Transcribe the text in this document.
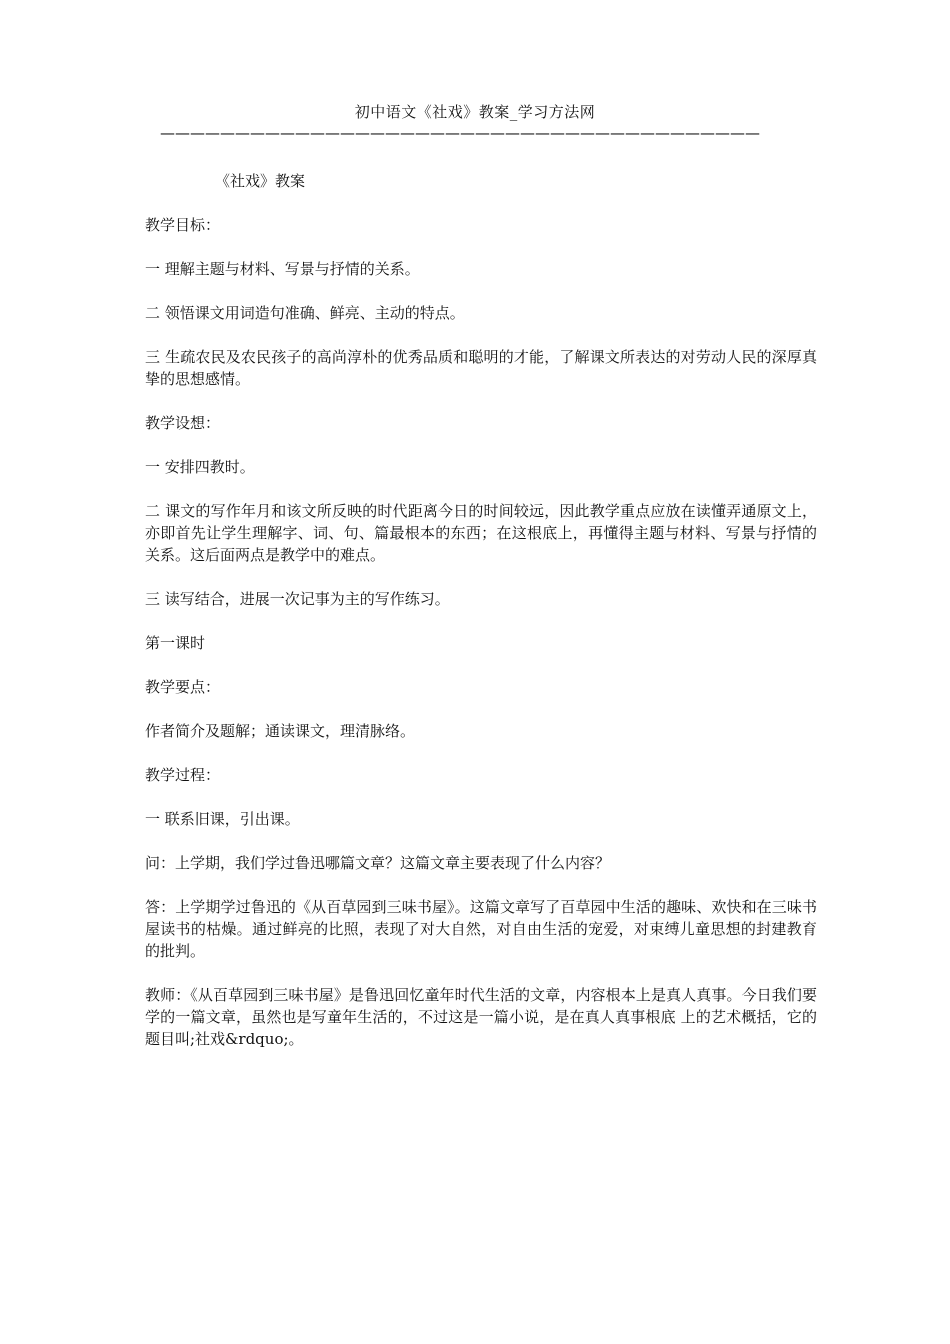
初中语文《社戏》教案_学习方法网
————————————————————————————————————————

《社戏》教案

教学目标：

一 理解主题与材料、写景与抒情的关系。

二 领悟课文用词造句准确、鲜亮、主动的特点。

三 生疏农民及农民孩子的高尚淳朴的优秀品质和聪明的才能，了解课文所表达的对劳动人民的深厚真挚的思想感情。

教学设想：

一 安排四教时。

二 课文的写作年月和该文所反映的时代距离今日的时间较远，因此教学重点应放在读懂弄通原文上，亦即首先让学生理解字、词、句、篇最根本的东西；在这根底上，再懂得主题与材料、写景与抒情的关系。这后面两点是教学中的难点。

三 读写结合，进展一次记事为主的写作练习。

第一课时

教学要点：

作者简介及题解；通读课文，理清脉络。

教学过程：

一 联系旧课，引出课。

问：上学期，我们学过鲁迅哪篇文章？这篇文章主要表现了什么内容？

答：上学期学过鲁迅的《从百草园到三味书屋》。这篇文章写了百草园中生活的趣味、欢快和在三味书屋读书的枯燥。通过鲜亮的比照，表现了对大自然，对自由生活的宠爱，对束缚儿童思想的封建教育的批判。

教师：《从百草园到三味书屋》是鲁迅回忆童年时代生活的文章，内容根本上是真人真事。今日我们要学的一篇文章，虽然也是写童年生活的，不过这是一篇小说，是在真人真事根底 上的艺术概括，它的题目叫;社戏&rdquo;。
